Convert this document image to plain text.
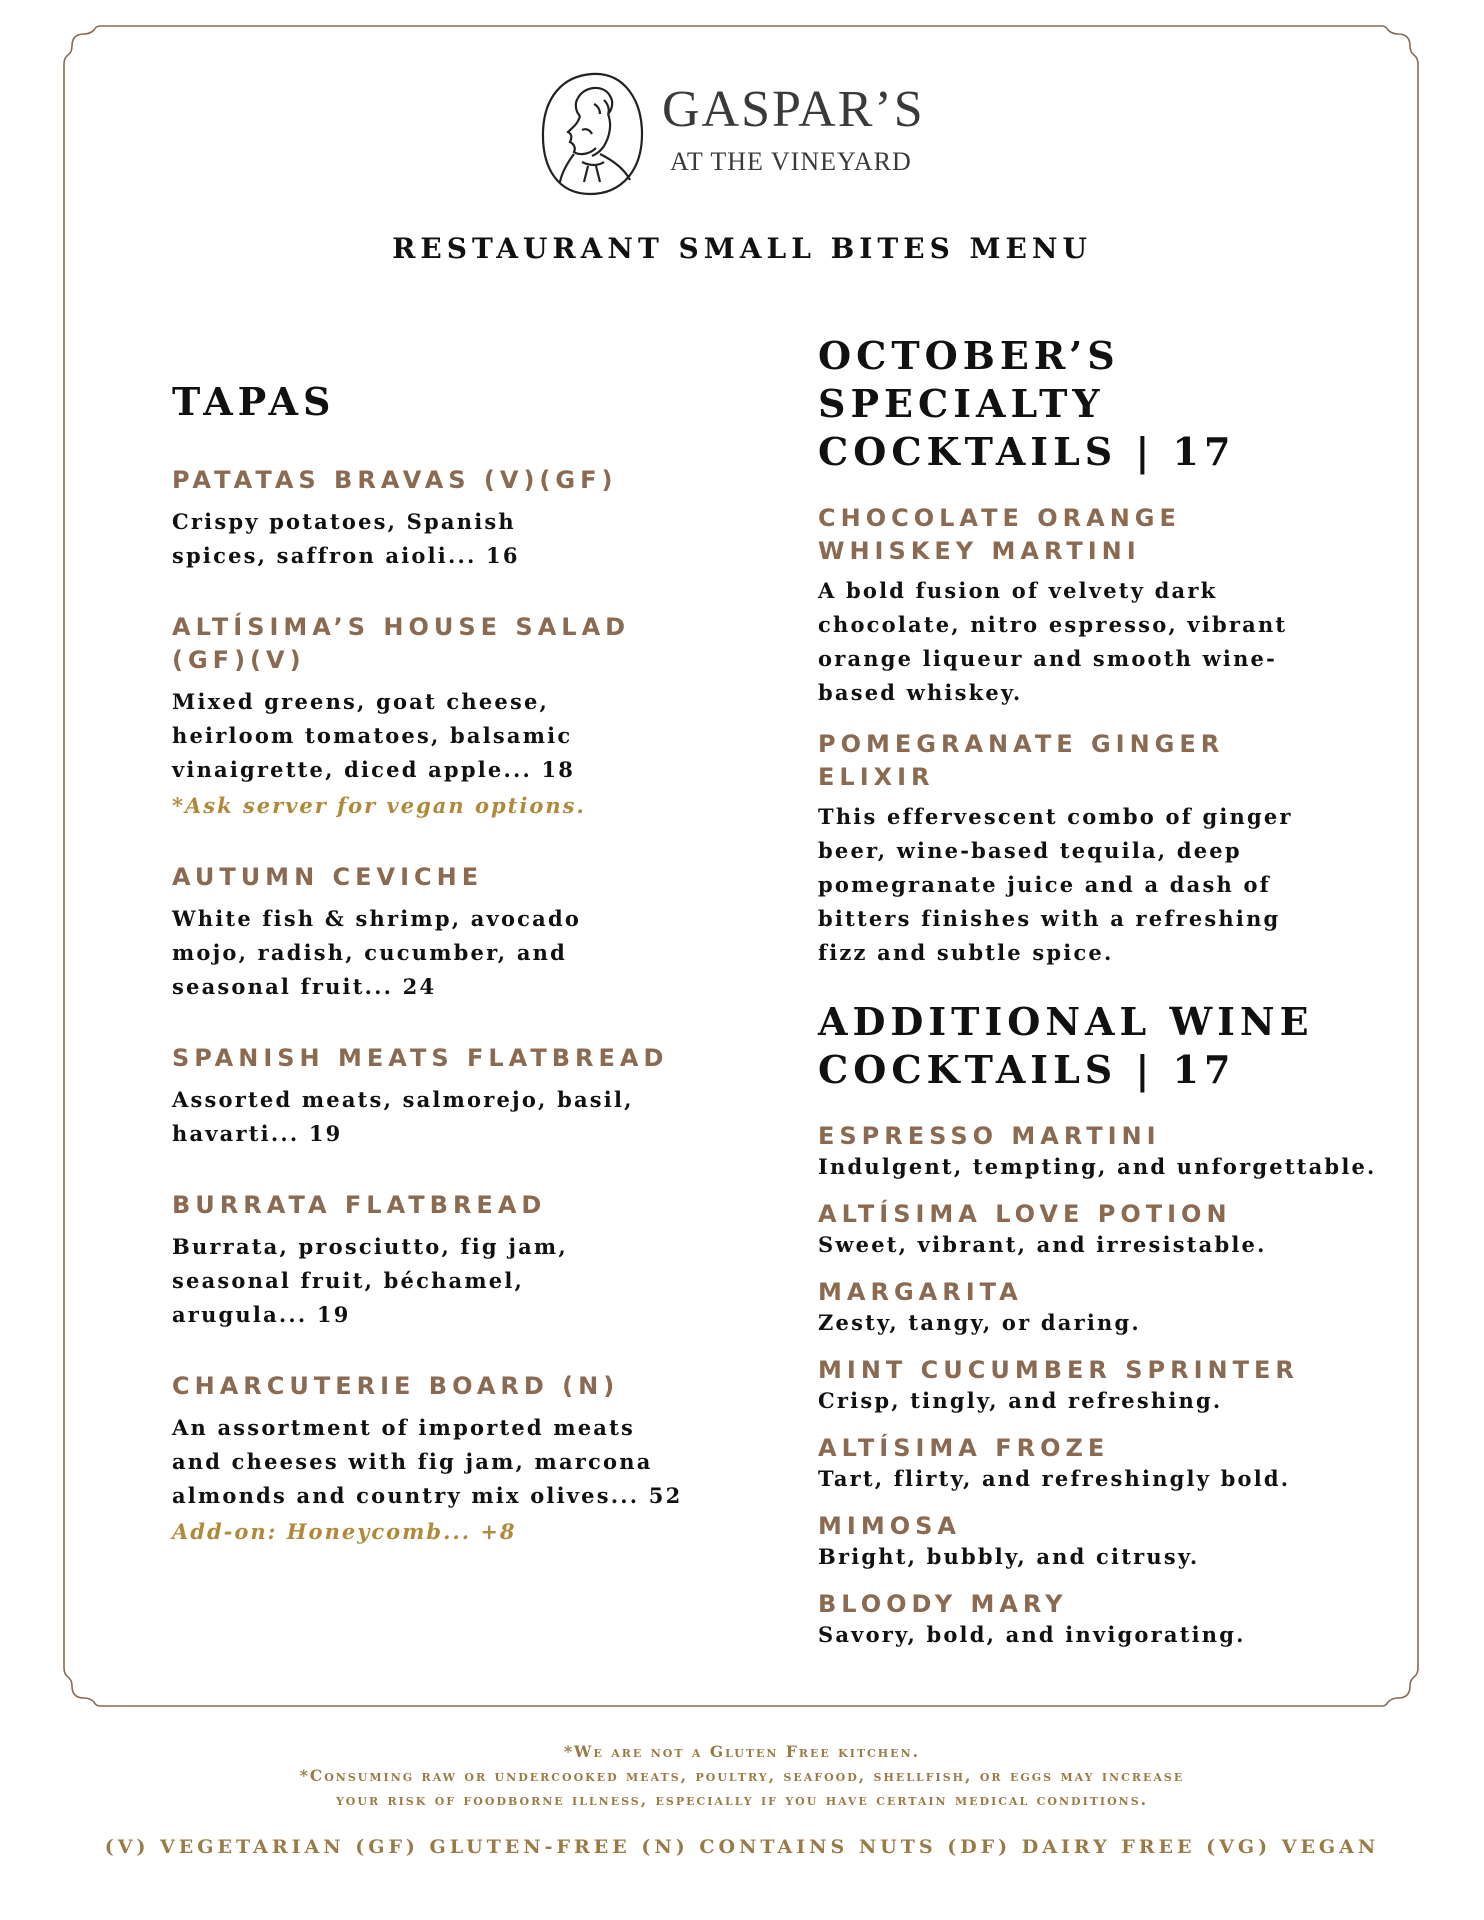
GASPAR’S
AT THE VINEYARD
RESTAURANT SMALL BITES MENU
TAPAS
PATATAS BRAVAS (V)(GF)
Crispy potatoes, Spanish
spices, saffron aioli... 16
ALTÍSIMA’S HOUSE SALAD
(GF)(V)
Mixed greens, goat cheese,
heirloom tomatoes, balsamic
vinaigrette, diced apple... 18
*Ask server for vegan options.
AUTUMN CEVICHE
White fish & shrimp, avocado
mojo, radish, cucumber, and
seasonal fruit... 24
SPANISH MEATS FLATBREAD
Assorted meats, salmorejo, basil,
havarti... 19
BURRATA FLATBREAD
Burrata, prosciutto, fig jam,
seasonal fruit, béchamel,
arugula... 19
CHARCUTERIE BOARD (N)
An assortment of imported meats
and cheeses with fig jam, marcona
almonds and country mix olives... 52
Add-on: Honeycomb... +8
OCTOBER’S SPECIALTY
COCKTAILS | 17
CHOCOLATE ORANGE
WHISKEY MARTINI
A bold fusion of velvety dark
chocolate, nitro espresso, vibrant
orange liqueur and smooth wine-
based whiskey.
POMEGRANATE GINGER
ELIXIR
This effervescent combo of ginger
beer, wine-based tequila, deep
pomegranate juice and a dash of
bitters finishes with a refreshing
fizz and subtle spice.
ADDITIONAL WINE
COCKTAILS | 17
ESPRESSO MARTINI
Indulgent, tempting, and unforgettable.
ALTÍSIMA LOVE POTION
Sweet, vibrant, and irresistable.
MARGARITA
Zesty, tangy, or daring.
MINT CUCUMBER SPRINTER
Crisp, tingly, and refreshing.
ALTÍSIMA FROZE
Tart, flirty, and refreshingly bold.
MIMOSA
Bright, bubbly, and citrusy.
BLOODY MARY
Savory, bold, and invigorating.
*We are not a Gluten Free kitchen.
*Consuming raw or undercooked meats, poultry, seafood, shellfish, or eggs may increase
your risk of foodborne illness, especially if you have certain medical conditions.
(V) VEGETARIAN (GF) GLUTEN-FREE (N) CONTAINS NUTS (DF) DAIRY FREE (VG) VEGAN
